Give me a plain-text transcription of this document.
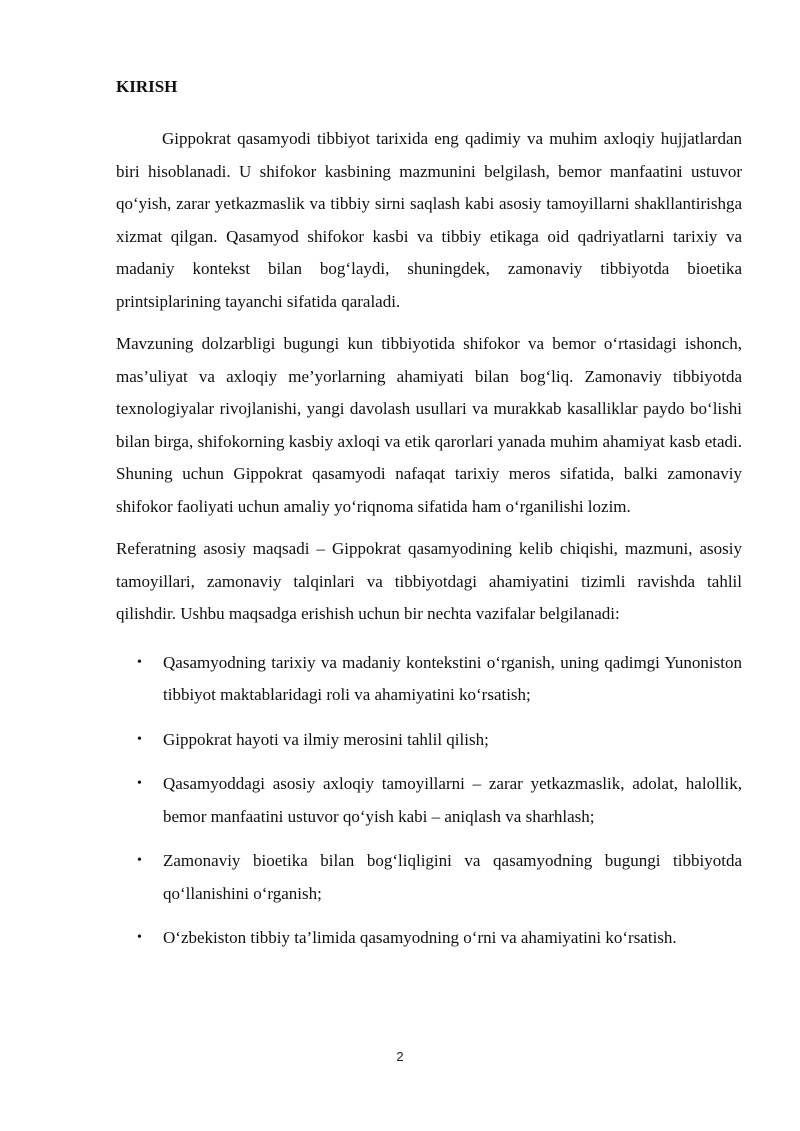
KIRISH

Gippokrat qasamyodi tibbiyot tarixida eng qadimiy va muhim axloqiy hujjatlardan biri hisoblanadi. U shifokor kasbining mazmunini belgilash, bemor manfaatini ustuvor qo‘yish, zarar yetkazmaslik va tibbiy sirni saqlash kabi asosiy tamoyillarni shakllantirishga xizmat qilgan. Qasamyod shifokor kasbi va tibbiy etikaga oid qadriyatlarni tarixiy va madaniy kontekst bilan bog‘laydi, shuningdek, zamonaviy tibbiyotda bioetika printsiplarining tayanchi sifatida qaraladi.

Mavzuning dolzarbligi bugungi kun tibbiyotida shifokor va bemor o‘rtasidagi ishonch, mas’uliyat va axloqiy me’yorlarning ahamiyati bilan bog‘liq. Zamonaviy tibbiyotda texnologiyalar rivojlanishi, yangi davolash usullari va murakkab kasalliklar paydo bo‘lishi bilan birga, shifokorning kasbiy axloqi va etik qarorlari yanada muhim ahamiyat kasb etadi. Shuning uchun Gippokrat qasamyodi nafaqat tarixiy meros sifatida, balki zamonaviy shifokor faoliyati uchun amaliy yo‘riqnoma sifatida ham o‘rganilishi lozim.

Referatning asosiy maqsadi – Gippokrat qasamyodining kelib chiqishi, mazmuni, asosiy tamoyillari, zamonaviy talqinlari va tibbiyotdagi ahamiyatini tizimli ravishda tahlil qilishdir. Ushbu maqsadga erishish uchun bir nechta vazifalar belgilanadi:

• Qasamyodning tarixiy va madaniy kontekstini o‘rganish, uning qadimgi Yunoniston tibbiyot maktablaridagi roli va ahamiyatini ko‘rsatish;
• Gippokrat hayoti va ilmiy merosini tahlil qilish;
• Qasamyoddagi asosiy axloqiy tamoyillarni – zarar yetkazmaslik, adolat, halollik, bemor manfaatini ustuvor qo‘yish kabi – aniqlash va sharhlash;
• Zamonaviy bioetika bilan bog‘liqligini va qasamyodning bugungi tibbiyotda qo‘llanishini o‘rganish;
• O‘zbekiston tibbiy ta’limida qasamyodning o‘rni va ahamiyatini ko‘rsatish.
2
